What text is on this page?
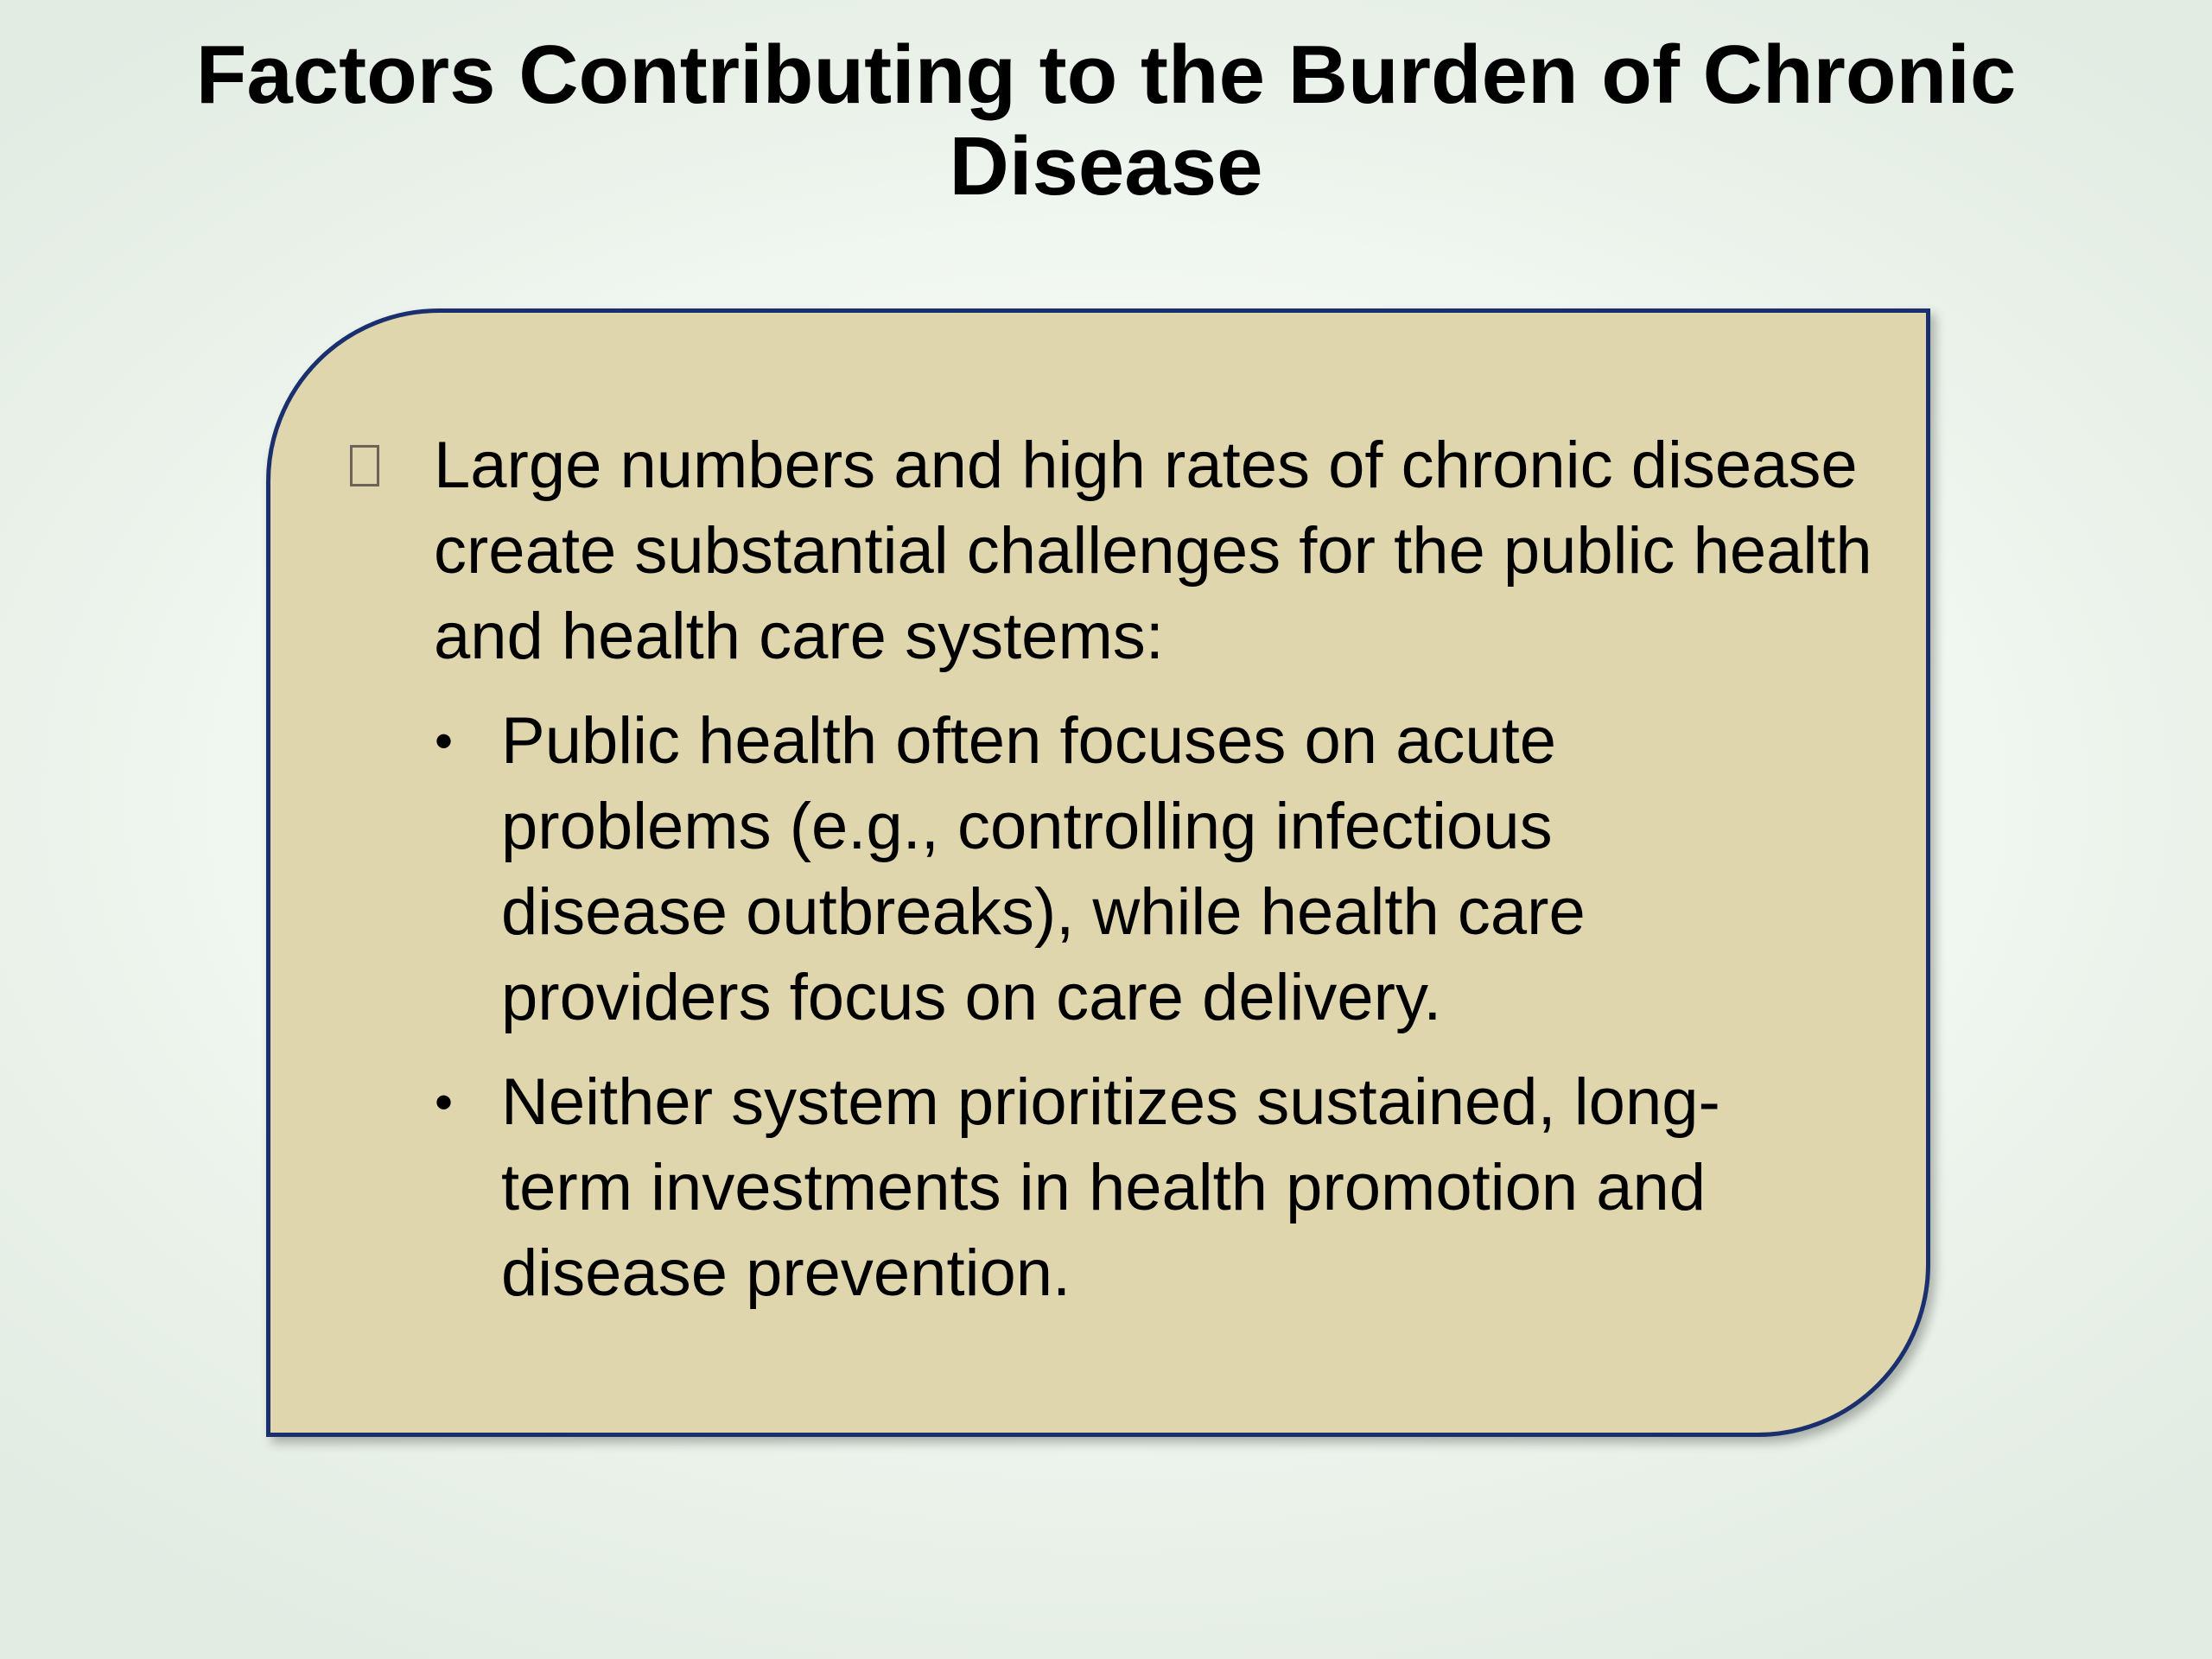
Factors Contributing to the Burden of Chronic Disease

Large numbers and high rates of chronic disease create substantial challenges for the public health and health care systems:

• Public health often focuses on acute problems (e.g., controlling infectious disease outbreaks), while health care providers focus on care delivery.
• Neither system prioritizes sustained, long-term investments in health promotion and disease prevention.
